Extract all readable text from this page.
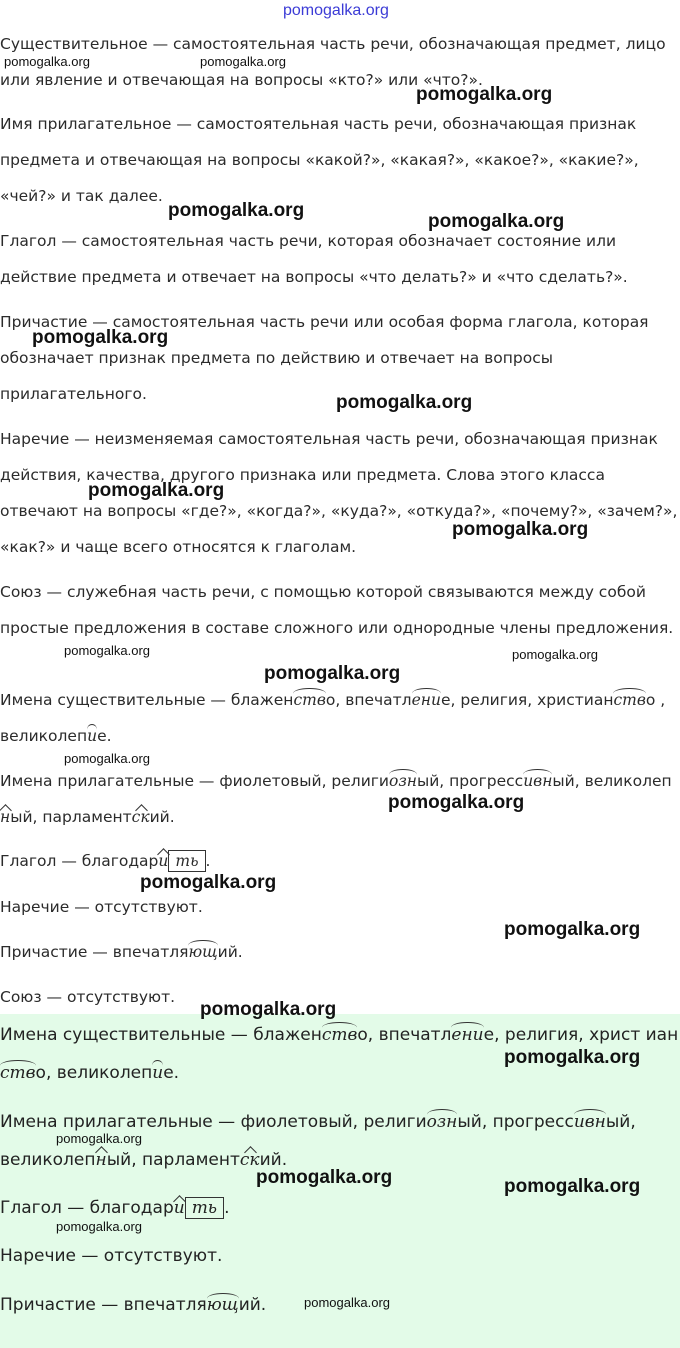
Существительное — самостоятельная часть речи, обозначающая предмет, лицо или явление и отвечающая на вопросы «кто?» или «что?».
Имя прилагательное — самостоятельная часть речи, обозначающая признак предмета и отвечающая на вопросы «какой?», «какая?», «какое?», «какие?», «чей?» и так далее.
Глагол — самостоятельная часть речи, которая обозначает состояние или действие предмета и отвечает на вопросы «что делать?» и «что сделать?».
Причастие — самостоятельная часть речи или особая форма глагола, которая обозначает признак предмета по действию и отвечает на вопросы прилагательного.
Наречие — неизменяемая самостоятельная часть речи, обозначающая признак действия, качества, другого признака или предмета. Слова этого класса отвечают на вопросы «где?», «когда?», «куда?», «откуда?», «почему?», «зачем?», «как?» и чаще всего относятся к глаголам.
Союз — служебная часть речи, с помощью которой связываются между собой простые предложения в составе сложного или однородные члены предложения.
Имена существительные — блаженство, впечатление, религия, христианство , великолепие.
Имена прилагательные — фиолетовый, религиозный, прогрессивный, великолепный, парламентский.
Глагол — благодари ть .
Наречие — отсутствуют.
Причастие — впечатляющий.
Союз — отсутствуют.
Имена существительные — блаженство, впечатление, религия, христ ианство, великолепие.
Имена прилагательные — фиолетовый, религиозный, прогрессивный, великолепный, парламентский.
Глагол — благодари ть .
Наречие — отсутствуют.
Причастие — впечатляющий.
pomogalka.org
pomogalka.org	pomogalka.org
pomogalka.org
pomogalka.org
pomogalka.org
pomogalka.org
pomogalka.org
pomogalka.org
pomogalka.org
pomogalka.org	pomogalka.org
pomogalka.org
pomogalka.org
pomogalka.org
pomogalka.org
pomogalka.org
pomogalka.org
pomogalka.org
pomogalka.org
pomogalka.org	pomogalka.org
pomogalka.org
pomogalka.org
